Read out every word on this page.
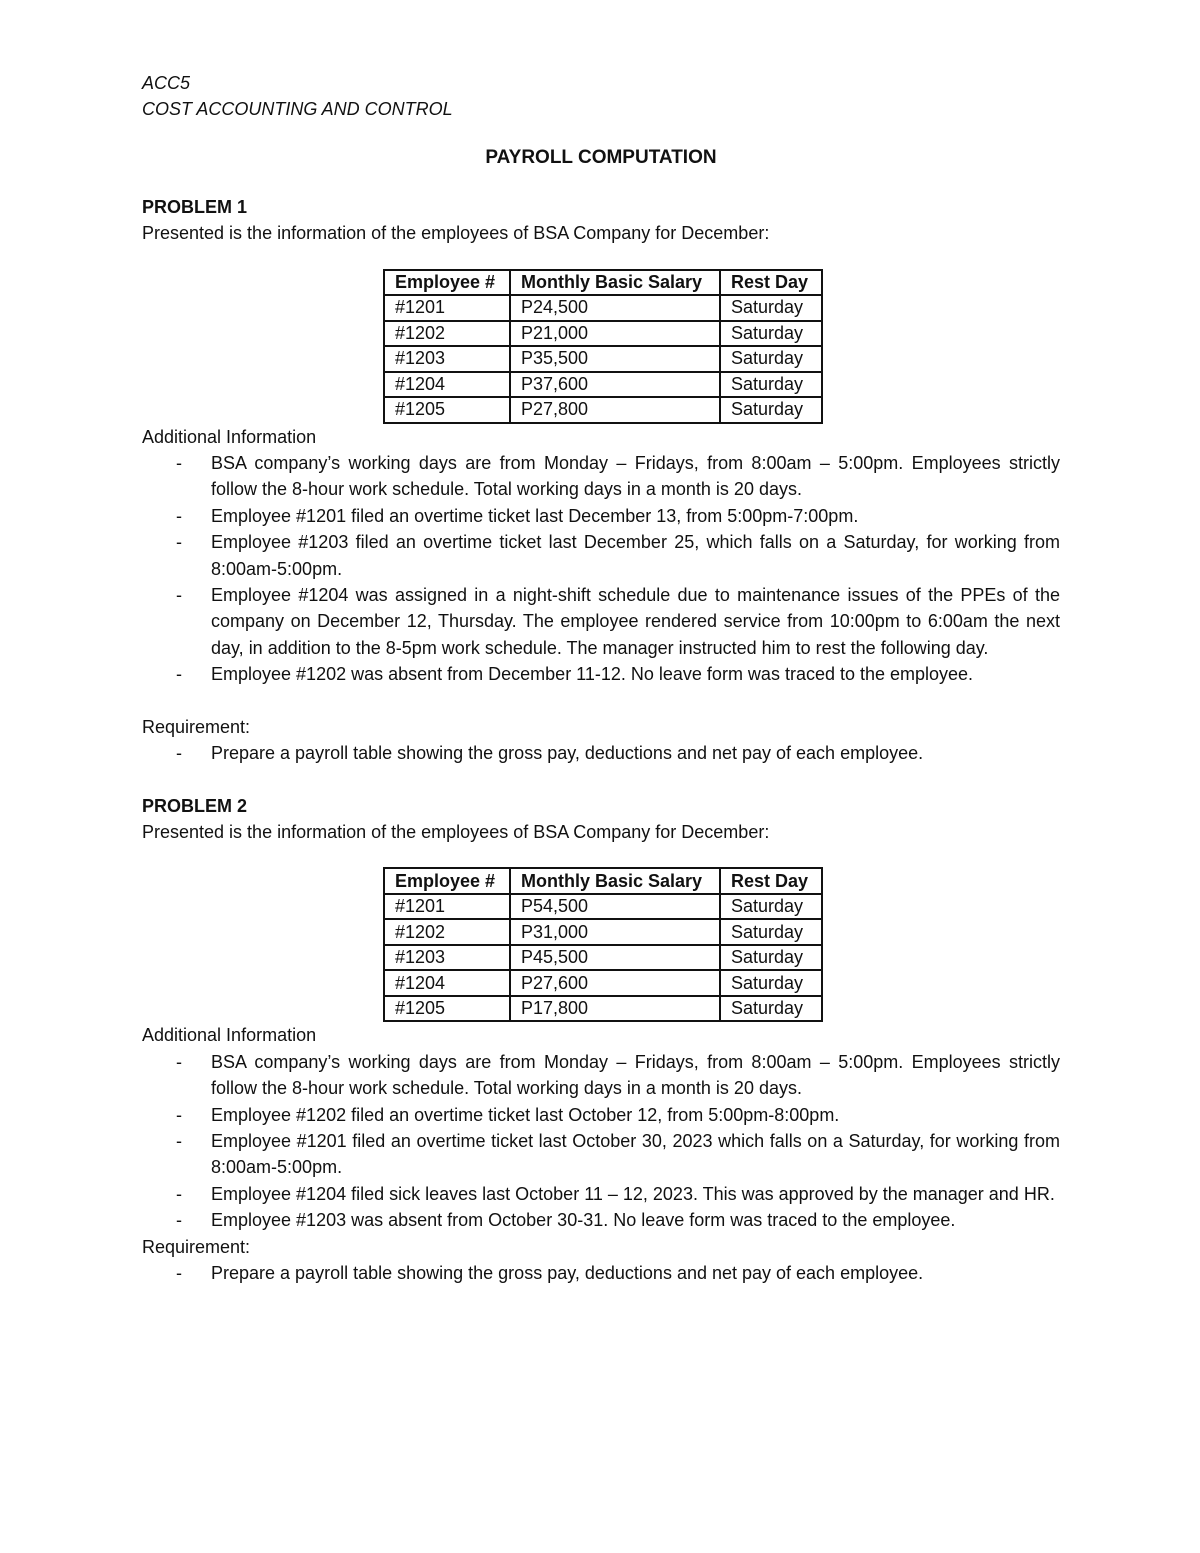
ACC5

COST ACCOUNTING AND CONTROL

PAYROLL COMPUTATION

PROBLEM 1

Presented is the information of the employees of BSA Company for December:

Employee #	Monthly Basic Salary	Rest Day
#1201	P24,500	Saturday
#1202	P21,000	Saturday
#1203	P35,500	Saturday
#1204	P37,600	Saturday
#1205	P27,800	Saturday

Additional Information

- BSA company’s working days are from Monday – Fridays, from 8:00am – 5:00pm. Employees strictly follow the 8-hour work schedule. Total working days in a month is 20 days.
- Employee #1201 filed an overtime ticket last December 13, from 5:00pm-7:00pm.
- Employee #1203 filed an overtime ticket last December 25, which falls on a Saturday, for working from 8:00am-5:00pm.
- Employee #1204 was assigned in a night-shift schedule due to maintenance issues of the PPEs of the company on December 12, Thursday. The employee rendered service from 10:00pm to 6:00am the next day, in addition to the 8-5pm work schedule. The manager instructed him to rest the following day.
- Employee #1202 was absent from December 11-12. No leave form was traced to the employee.

Requirement:

- Prepare a payroll table showing the gross pay, deductions and net pay of each employee.

PROBLEM 2

Presented is the information of the employees of BSA Company for December:

Employee #	Monthly Basic Salary	Rest Day
#1201	P54,500	Saturday
#1202	P31,000	Saturday
#1203	P45,500	Saturday
#1204	P27,600	Saturday
#1205	P17,800	Saturday

Additional Information

- BSA company’s working days are from Monday – Fridays, from 8:00am – 5:00pm. Employees strictly follow the 8-hour work schedule. Total working days in a month is 20 days.
- Employee #1202 filed an overtime ticket last October 12, from 5:00pm-8:00pm.
- Employee #1201 filed an overtime ticket last October 30, 2023 which falls on a Saturday, for working from 8:00am-5:00pm.
- Employee #1204 filed sick leaves last October 11 – 12, 2023. This was approved by the manager and HR.
- Employee #1203 was absent from October 30-31. No leave form was traced to the employee.

Requirement:

- Prepare a payroll table showing the gross pay, deductions and net pay of each employee.
